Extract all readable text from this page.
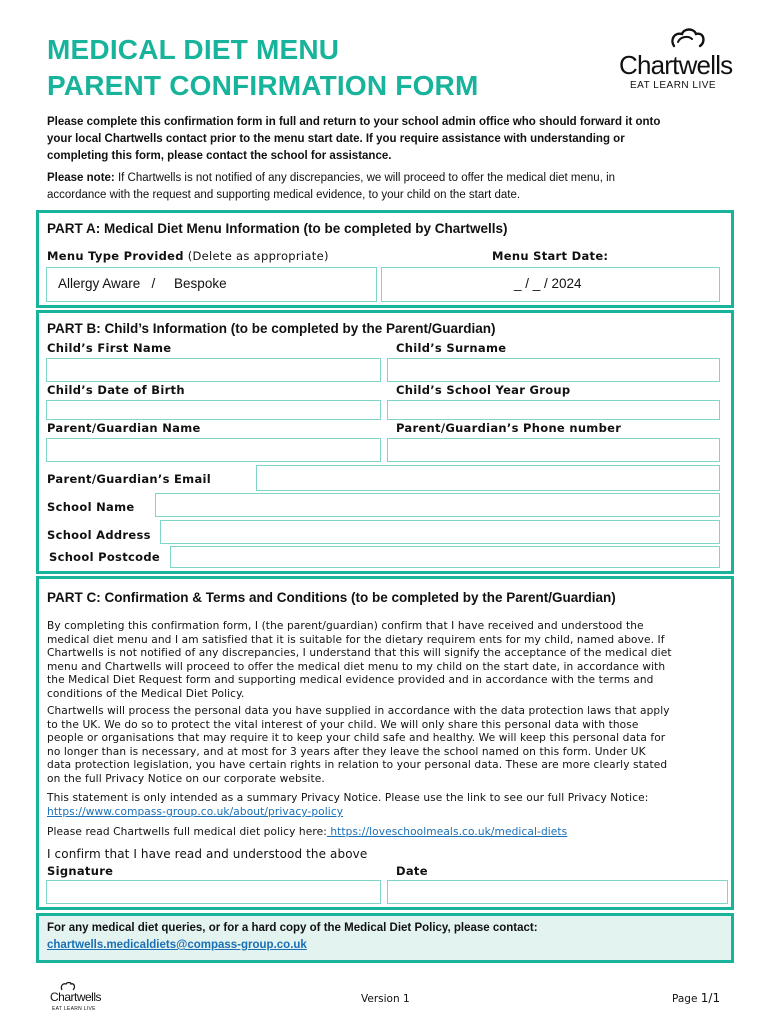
MEDICAL DIET MENU
PARENT CONFIRMATION FORM
Chartwells
EAT LEARN LIVE
Please complete this confirmation form in full and return to your school admin office who should forward it onto
your local Chartwells contact prior to the menu start date. If you require assistance with understanding or
completing this form, please contact the school for assistance.
Please note: If Chartwells is not notified of any discrepancies, we will proceed to offer the medical diet menu, in
accordance with the request and supporting medical evidence, to your child on the start date.
PART A: Medical Diet Menu Information (to be completed by Chartwells)
Menu Type Provided (Delete as appropriate)	Menu Start Date:
Allergy Aware   /     Bespoke	_ / _ / 2024
PART B: Child’s Information (to be completed by the Parent/Guardian)
Child’s First Name	Child’s Surname
Child’s Date of Birth	Child’s School Year Group
Parent/Guardian Name	Parent/Guardian’s Phone number
Parent/Guardian’s Email
School Name
School Address
School Postcode
PART C: Confirmation & Terms and Conditions (to be completed by the Parent/Guardian)
By completing this confirmation form, I (the parent/guardian) confirm that I have received and understood the
medical diet menu and I am satisfied that it is suitable for the dietary requirem ents for my child, named above. If
Chartwells is not notified of any discrepancies, I understand that this will signify the acceptance of the medical diet
menu and Chartwells will proceed to offer the medical diet menu to my child on the start date, in accordance with
the Medical Diet Request form and supporting medical evidence provided and in accordance with the terms and
conditions of the Medical Diet Policy.
Chartwells will process the personal data you have supplied in accordance with the data protection laws that apply
to the UK. We do so to protect the vital interest of your child. We will only share this personal data with those
people or organisations that may require it to keep your child safe and healthy. We will keep this personal data for
no longer than is necessary, and at most for 3 years after they leave the school named on this form. Under UK
data protection legislation, you have certain rights in relation to your personal data. These are more clearly stated
on the full Privacy Notice on our corporate website.
This statement is only intended as a summary Privacy Notice. Please use the link to see our full Privacy Notice:
https://www.compass-group.co.uk/about/privacy-policy
Please read Chartwells full medical diet policy here: https://loveschoolmeals.co.uk/medical-diets
I confirm that I have read and understood the above
Signature	Date
For any medical diet queries, or for a hard copy of the Medical Diet Policy, please contact:
chartwells.medicaldiets@compass-group.co.uk
Chartwells
EAT LEARN LIVE
Version 1	Page 1/1
